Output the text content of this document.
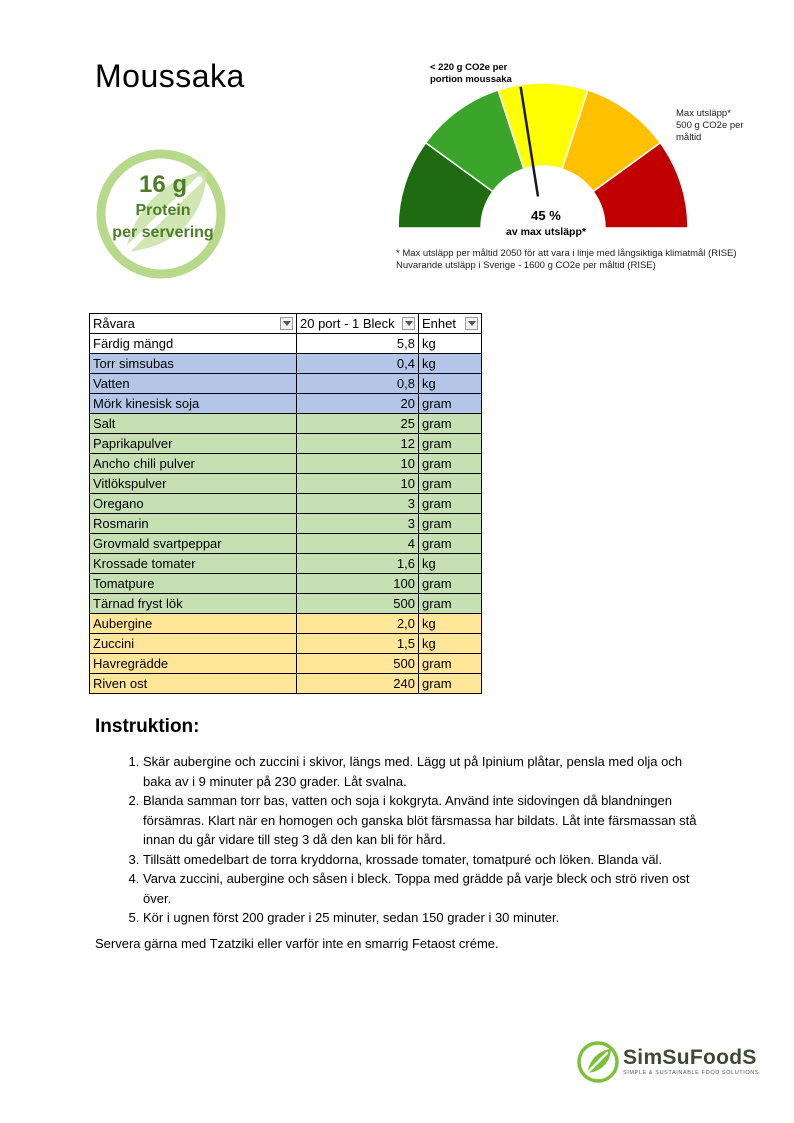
Moussaka
16 g
Protein
per servering
< 220 g CO2e per
portion moussaka
Max utsläpp*
500 g CO2e per
måltid
45 %
av max utsläpp*
* Max utsläpp per måltid 2050 för att vara i linje med långsiktiga klimatmål (RISE)
Nuvarande utsläpp i Sverige - 1600 g CO2e per måltid (RISE)
Råvara	20 port - 1 Bleck	Enhet

Färdig mängd	5,8	kg
Torr simsubas	0,4	kg
Vatten	0,8	kg
Mörk kinesisk soja	20	gram
Salt	25	gram
Paprikapulver	12	gram
Ancho chili pulver	10	gram
Vitlökspulver	10	gram
Oregano	3	gram
Rosmarin	3	gram
Grovmald svartpeppar	4	gram
Krossade tomater	1,6	kg
Tomatpure	100	gram
Tärnad fryst lök	500	gram
Aubergine	2,0	kg
Zuccini	1,5	kg
Havregrädde	500	gram
Riven ost	240	gram
Instruktion:
1. Skär aubergine och zuccini i skivor, längs med. Lägg ut på Ipinium plåtar, pensla med olja och baka av i 9 minuter på 230 grader. Låt svalna.
2. Blanda samman torr bas, vatten och soja i kokgryta. Använd inte sidovingen då blandningen försämras. Klart när en homogen och ganska blöt färsmassa har bildats. Låt inte färsmassan stå innan du går vidare till steg 3 då den kan bli för hård.
3. Tillsätt omedelbart de torra kryddorna, krossade tomater, tomatpuré och löken. Blanda väl.
4. Varva zuccini, aubergine och såsen i bleck. Toppa med grädde på varje bleck och strö riven ost över.
5. Kör i ugnen först 200 grader i 25 minuter, sedan 150 grader i 30 minuter.

Servera gärna med Tzatziki eller varför inte en smarrig Fetaost créme.

SimSuFoodS
SIMPLE & SUSTAINABLE FOOD SOLUTIONS
